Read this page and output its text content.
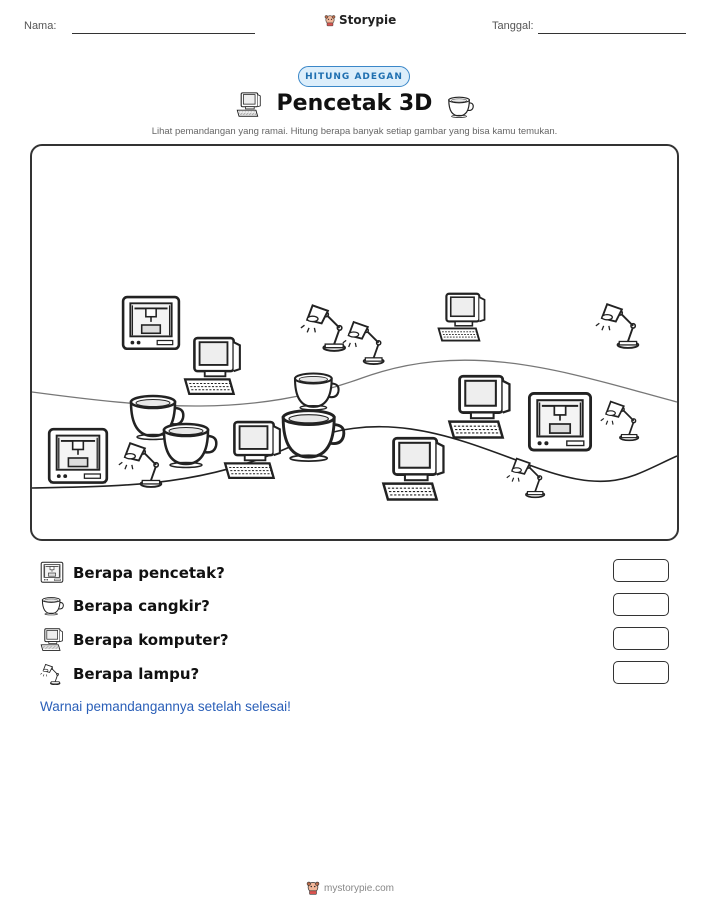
Nama:	Storypie	Tanggal:
HITUNG ADEGAN
Pencetak 3D
Lihat pemandangan yang ramai. Hitung berapa banyak setiap gambar yang bisa kamu temukan.
Berapa pencetak?
Berapa cangkir?
Berapa komputer?
Berapa lampu?
Warnai pemandangannya setelah selesai!
mystorypie.com
